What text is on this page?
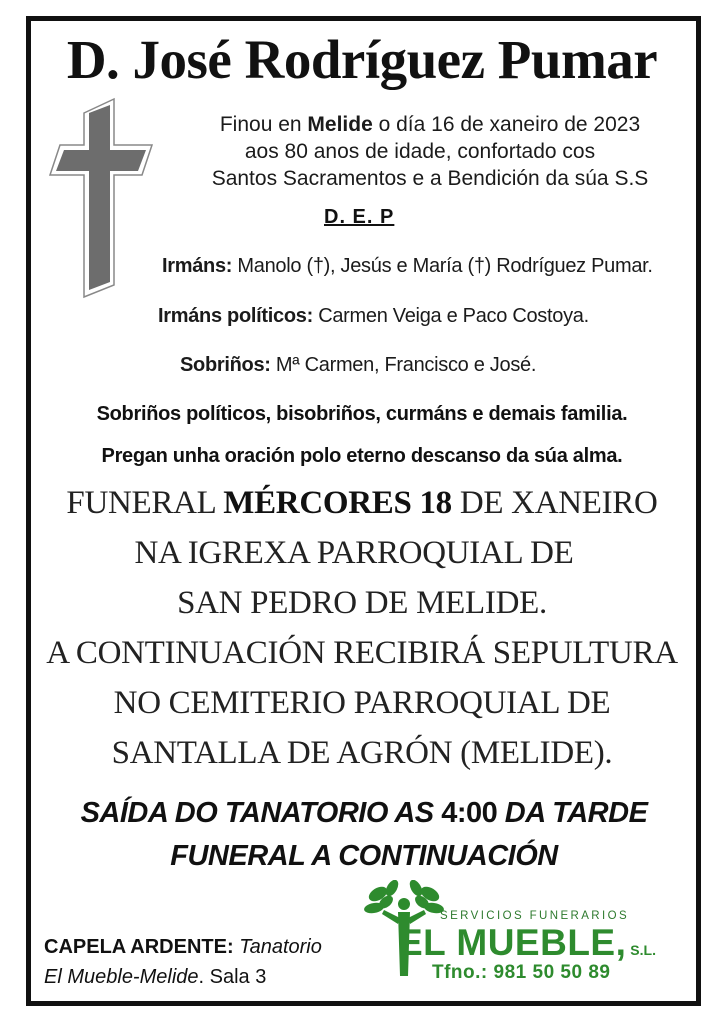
D. José Rodríguez Pumar
Finou en Melide o día 16 de xaneiro de 2023
aos 80 anos de idade, confortado cos
Santos Sacramentos e a Bendición da súa S.S
D. E. P
Irmáns: Manolo (†), Jesús e María (†) Rodríguez Pumar.
Irmáns políticos: Carmen Veiga e Paco Costoya.
Sobriños: Mª Carmen, Francisco e José.
Sobriños políticos, bisobriños, curmáns e demais familia.
Pregan unha oración polo eterno descanso da súa alma.
FUNERAL MÉRCORES 18 DE XANEIRO
NA IGREXA PARROQUIAL DE
SAN PEDRO DE MELIDE.
A CONTINUACIÓN RECIBIRÁ SEPULTURA
NO CEMITERIO PARROQUIAL DE
SANTALLA DE AGRÓN (MELIDE).
SAÍDA DO TANATORIO AS 4:00 DA TARDE
FUNERAL A CONTINUACIÓN
CAPELA ARDENTE: Tanatorio
El Mueble-Melide. Sala 3
SERVICIOS FUNERARIOS
EL MUEBLE, S.L.
Tfno.: 981 50 50 89
